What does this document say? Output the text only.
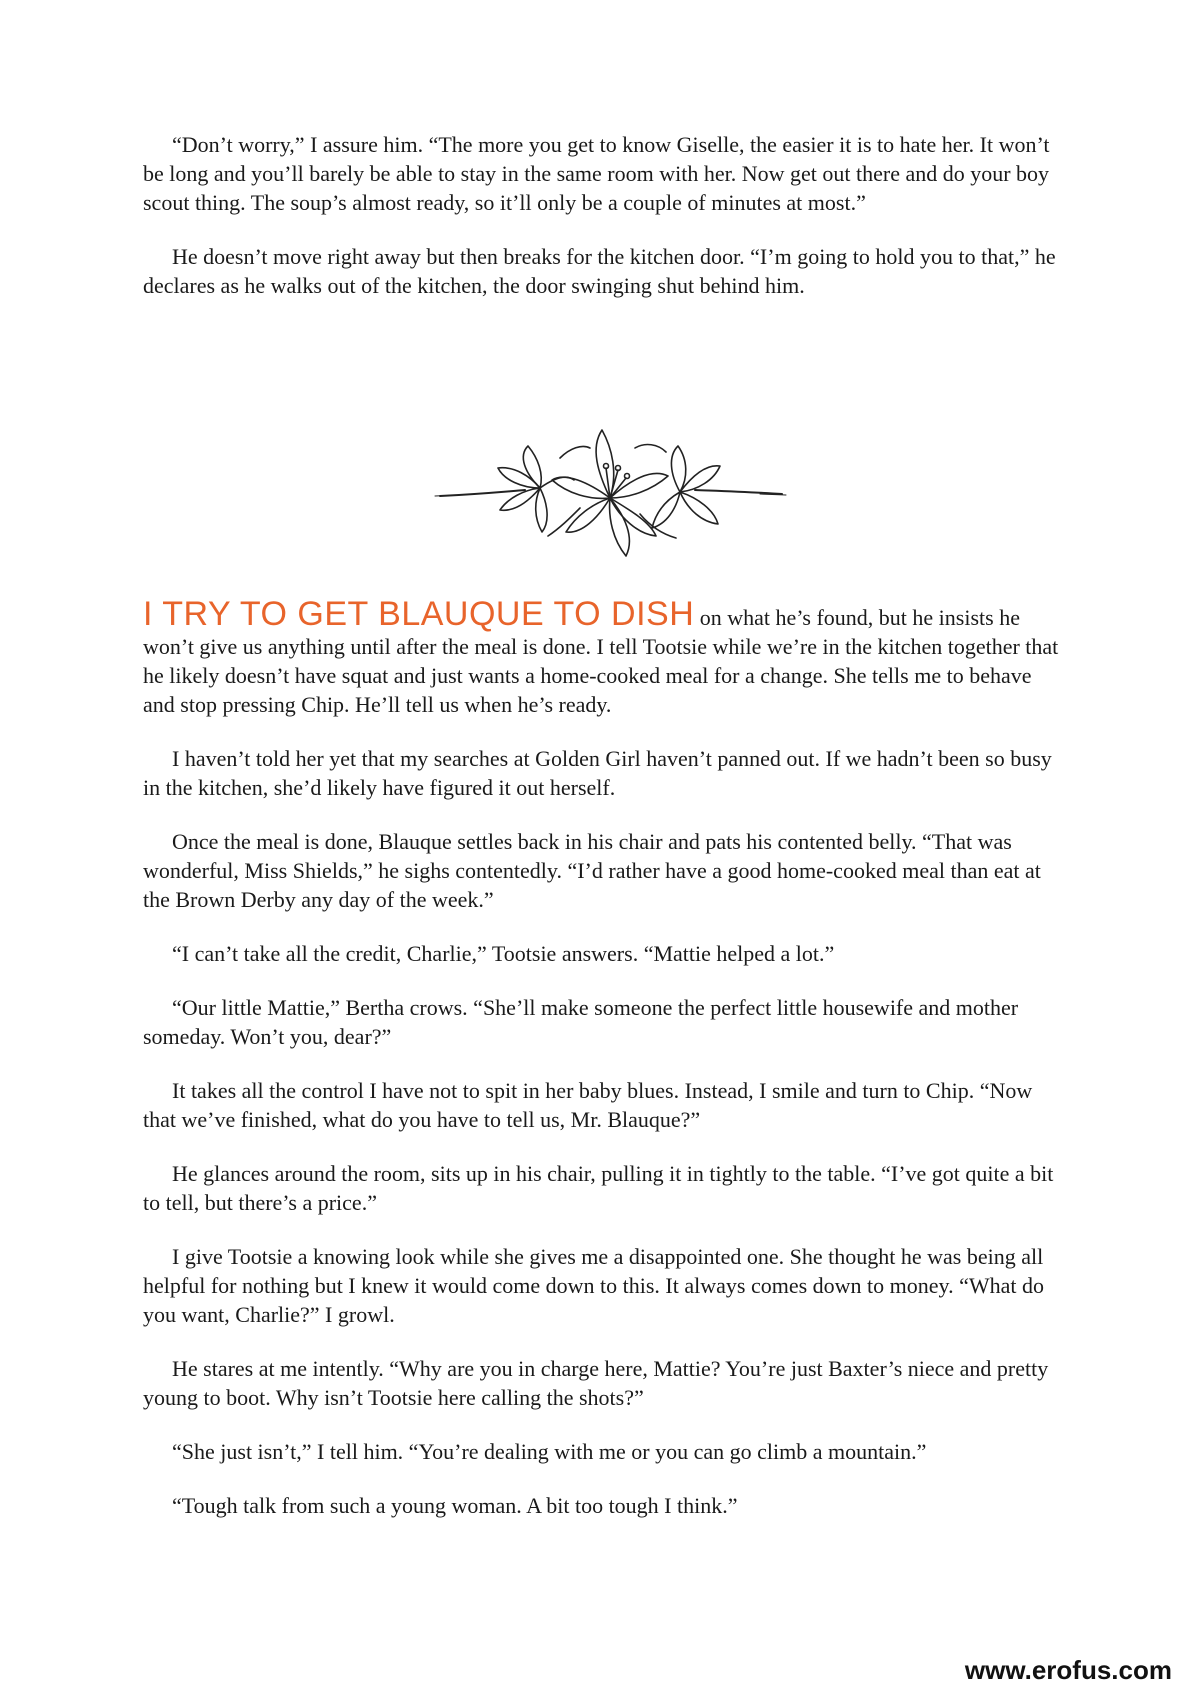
“Don’t worry,” I assure him. “The more you get to know Giselle, the easier it is to hate her. It won’t be long and you’ll barely be able to stay in the same room with her. Now get out there and do your boy scout thing. The soup’s almost ready, so it’ll only be a couple of minutes at most.”

He doesn’t move right away but then breaks for the kitchen door. “I’m going to hold you to that,” he declares as he walks out of the kitchen, the door swinging shut behind him.

I TRY TO GET BLAUQUE TO DISH on what he’s found, but he insists he won’t give us anything until after the meal is done. I tell Tootsie while we’re in the kitchen together that he likely doesn’t have squat and just wants a home-cooked meal for a change. She tells me to behave and stop pressing Chip. He’ll tell us when he’s ready.

I haven’t told her yet that my searches at Golden Girl haven’t panned out. If we hadn’t been so busy in the kitchen, she’d likely have figured it out herself.

Once the meal is done, Blauque settles back in his chair and pats his contented belly. “That was wonderful, Miss Shields,” he sighs contentedly. “I’d rather have a good home-cooked meal than eat at the Brown Derby any day of the week.”

“I can’t take all the credit, Charlie,” Tootsie answers. “Mattie helped a lot.”

“Our little Mattie,” Bertha crows. “She’ll make someone the perfect little housewife and mother someday. Won’t you, dear?”

It takes all the control I have not to spit in her baby blues. Instead, I smile and turn to Chip. “Now that we’ve finished, what do you have to tell us, Mr. Blauque?”

He glances around the room, sits up in his chair, pulling it in tightly to the table. “I’ve got quite a bit to tell, but there’s a price.”

I give Tootsie a knowing look while she gives me a disappointed one. She thought he was being all helpful for nothing but I knew it would come down to this. It always comes down to money. “What do you want, Charlie?” I growl.

He stares at me intently. “Why are you in charge here, Mattie? You’re just Baxter’s niece and pretty young to boot. Why isn’t Tootsie here calling the shots?”

“She just isn’t,” I tell him. “You’re dealing with me or you can go climb a mountain.”

“Tough talk from such a young woman. A bit too tough I think.”

www.erofus.com
